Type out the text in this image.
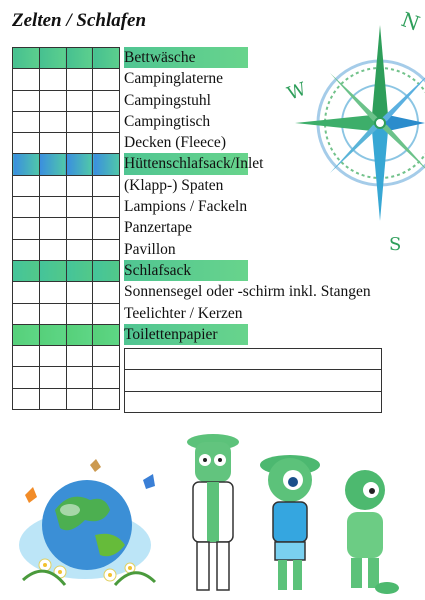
Zelten / Schlafen

Bettwäsche
Campinglaterne
Campingstuhl
Campingtisch
Decken (Fleece)
Hüttenschlafsack/Inlet
(Klapp-) Spaten
Lampions / Fackeln
Panzertape
Pavillon
Schlafsack
Sonnensegel oder -schirm inkl. Stangen
Teelichter / Kerzen
Toilettenpapier
N
W
S
